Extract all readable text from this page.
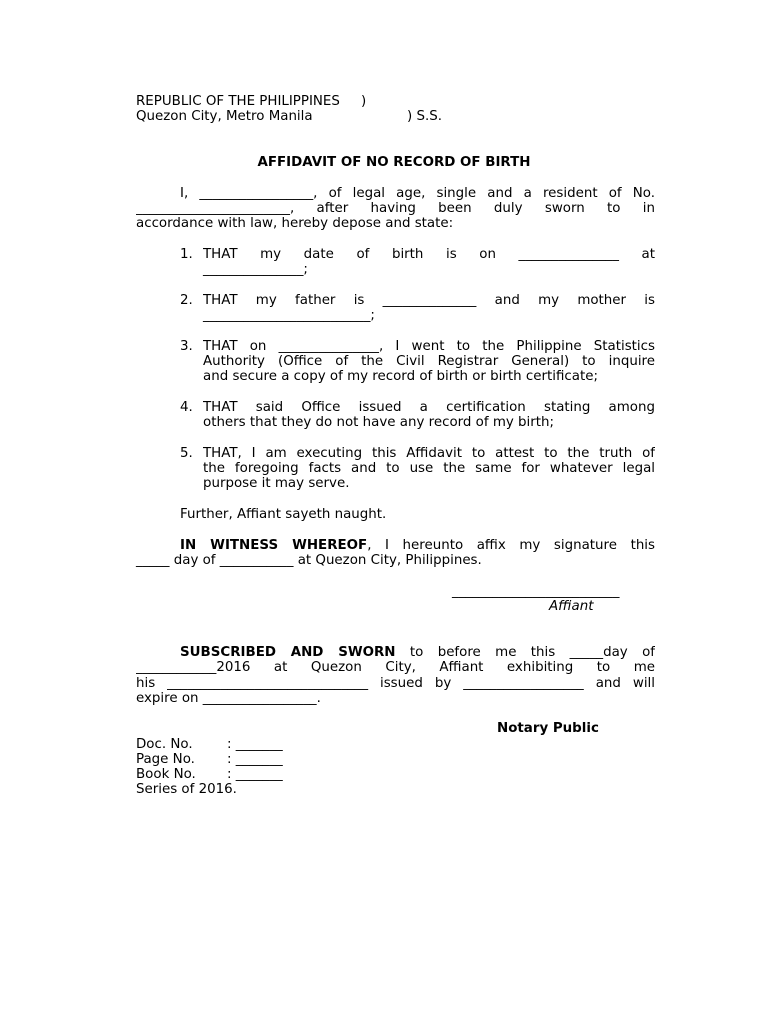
REPUBLIC OF THE PHILIPPINES )
Quezon City, Metro Manila	) S.S.
AFFIDAVIT OF NO RECORD OF BIRTH
I, _________________, of legal age, single and a resident of No.
_______________________, after having been duly sworn to in
accordance with law, hereby depose and state:
1. THAT my date of birth is on _______________ at
_______________;
2. THAT my father is ______________ and my mother is
_________________________;
3. THAT on _______________, I went to the Philippine Statistics
Authority (Office of the Civil Registrar General) to inquire
and secure a copy of my record of birth or birth certificate;
4. THAT said Office issued a certification stating among
others that they do not have any record of my birth;
5. THAT, I am executing this Affidavit to attest to the truth of
the foregoing facts and to use the same for whatever legal
purpose it may serve.
Further, Affiant sayeth naught.
IN WITNESS WHEREOF, I hereunto affix my signature this
_____ day of ___________ at Quezon City, Philippines.
_________________________
Affiant
SUBSCRIBED AND SWORN to before me this _____day of
____________2016 at Quezon City, Affiant exhibiting to me
his ______________________________ issued by __________________ and will
expire on _________________.
Notary Public
Doc. No.	: _______
Page No. : _______
Book No. : _______
Series of 2016.
